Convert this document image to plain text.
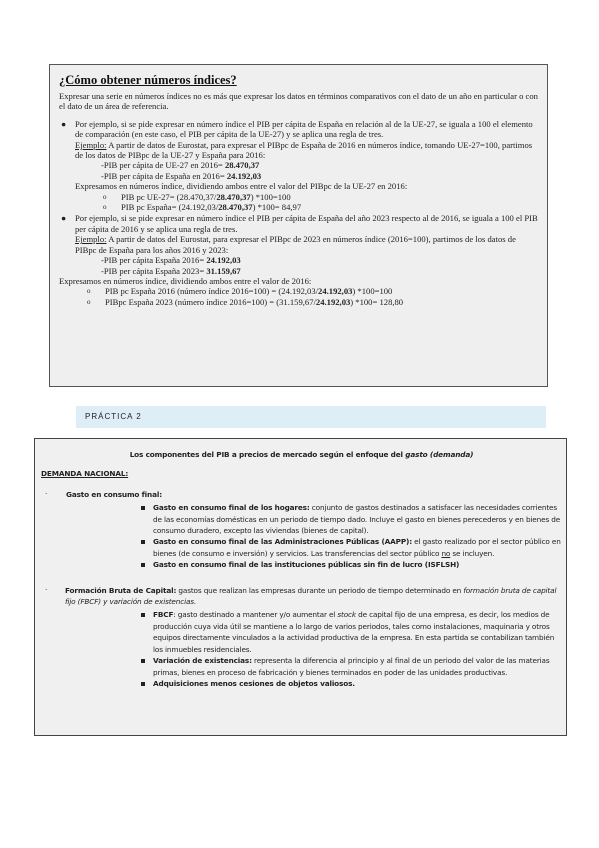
¿Cómo obtener números índices?

Expresar una serie en números índices no es más que expresar los datos en términos comparativos con el dato de un año en particular o con el dato de un área de referencia.

● Por ejemplo, si se pide expresar en número índice el PIB per cápita de España en relación al de la UE-27, se iguala a 100 el elemento de comparación (en este caso, el PIB per cápita de la UE-27) y se aplica una regla de tres.

Ejemplo: A partir de datos de Eurostat, para expresar el PIBpc de España de 2016 en números índice, tomando UE-27=100, partimos de los datos de PIBpc de la UE-27 y España para 2016:

-PIB per cápita de UE-27 en 2016= 28.470,37

-PIB per cápita de España en 2016= 24.192,03

Expresamos en números índice, dividiendo ambos entre el valor del PIBpc de la UE-27 en 2016:

o PIB pc UE-27= (28.470,37/28.470,37) *100=100
o PIB pc España= (24.192,03/28.470,37) *100= 84,97
● Por ejemplo, si se pide expresar en número índice el PIB per cápita de España del año 2023 respecto al de 2016, se iguala a 100 el PIB per cápita de 2016 y se aplica una regla de tres.

Ejemplo: A partir de datos del Eurostat, para expresar el PIBpc de 2023 en números índice (2016=100), partimos de los datos de PIBpc de España para los años 2016 y 2023:

-PIB per cápita España 2016= 24.192,03

-PIB per cápita España 2023= 31.159,67

Expresamos en números índice, dividiendo ambos entre el valor de 2016:

o PIB pc España 2016 (número índice 2016=100) = (24.192,03/24.192,03) *100=100
o PIBpc España 2023 (número índice 2016=100) = (31.159,67/24.192,03) *100= 128,80
PRÁCTICA 2
Los componentes del PIB a precios de mercado según el enfoque del gasto (demanda)
DEMANDA NACIONAL:
·	Gasto en consumo final:
Gasto en consumo final de los hogares: conjunto de gastos destinados a satisfacer las necesidades corrientes de las economías domésticas en un periodo de tiempo dado. Incluye el gasto en bienes perecederos y en bienes de consumo duradero, excepto las viviendas (bienes de capital).
Gasto en consumo final de las Administraciones Públicas (AAPP): el gasto realizado por el sector público en bienes (de consumo e inversión) y servicios. Las transferencias del sector público no se incluyen.
Gasto en consumo final de las instituciones públicas sin fin de lucro (ISFLSH)
·	Formación Bruta de Capital: gastos que realizan las empresas durante un periodo de tiempo determinado en formación bruta de capital fijo (FBCF) y variación de existencias.
FBCF: gasto destinado a mantener y/o aumentar el stock de capital fijo de una empresa, es decir, los medios de producción cuya vida útil se mantiene a lo largo de varios periodos, tales como instalaciones, maquinaria y otros equipos directamente vinculados a la actividad productiva de la empresa. En esta partida se contabilizan también los inmuebles residenciales.
Variación de existencias: representa la diferencia al principio y al final de un periodo del valor de las materias primas, bienes en proceso de fabricación y bienes terminados en poder de las unidades productivas.
Adquisiciones menos cesiones de objetos valiosos.
